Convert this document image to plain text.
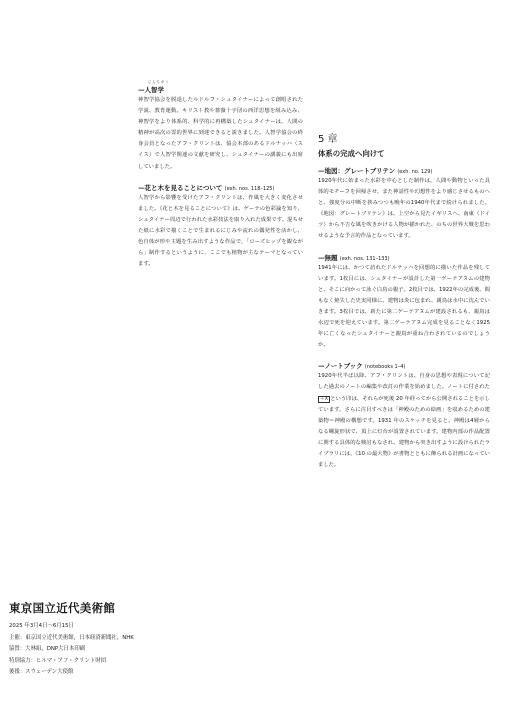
じんちがく
—人智学

神智学協会を脱退したルドルフ・シュタイナーによって創唱された学説、教育運動。キリスト教や薔薇十字団の西洋思想を組み込み、神智学をより体系的、科学的に再構築したシュタイナーは、人間の精神が高次の霊的世界に到達できると説きました。人智学協会の終身会員となったアフ・クリントは、協会本部のあるドルナッハ（スイス）で人智学関連の文献を研究し、シュタイナーの講義にも出席していました。

—花と木を見ることについて (exh. nos. 118–125)

人智学から影響を受けたアフ・クリントは、作風を大きく変化させました。《花と木を見ることについて》は、ゲーテの色彩論を知り、シュタイナー周辺で行われた水彩技法を取り入れた成果です。混ちせた紙に水彩で描くことで生まれるにじみや流れの偶発性を活かし、色自体が形や主題を生み出すような作品で、「ローズヒップを観ながら」制作するというように、ここでも植物が主なテーマとなっています。

5 章
体系の完成へ向けて
—地図：グレートブリテン (exh. no. 129)

1920年代に始まった水彩を中心とした制作は、人間や動物といった具体的モチーフを回帰させ、また神話性や幻想性をより感じさせるものへと、強度分の中断を挟みつつも晩年の1940年代まで続けられました。《地図：グレートブリテン》は、上空から見たイギリスへ、南東（ドイツ）から不吉な風を吹きかける人物が描かれた、のちの世界大戦を思わせるような予言的作品となっています。

—無題 (exh. nos. 131–133)

1941年には、かつて訪れたドルナッハを回想的に描いた作品を残しています。1枚目には、シュタイナーが設計した第一ゲーテアヌムの建物と、そこに向かって泳ぐ白鳥の親子。2枚目では、1922年の完成後、間もなく焼失した史実同様に、建物は炎に包まれ、親鳥は水中に沈んでいきます。3枚目では、新たに第二ゲーテアヌムが建設されるも、親鳥は水辺で死を迎えています。第二ゲーテアヌム完成を見ることなく1925年に亡くなったシュタイナーと親鳥が重ね合わされているのでしょうか。

—ノートブック (notebooks 1–4)

1920年代半ば以降、アフ・クリントは、自身の思想や表現について記した過去のノートの編集や改訂の作業を始めました。ノートに付された＋X という印は、それらが死後 20 年経ってから公開されることを示しています。さらに注目すべきは「神殿のための絵画」を収めるための建築物＝神殿の構想です。1931 年のスケッチを見ると、神殿は4層からなる螺旋形状で、頂上に灯台が設置されています。建物内部の作品配置に関する具体的な検討もなされ、建物から突き出すように設けられたライブラリには、《10 の最大物》が書物とともに飾られる計画になっていました。

東京国立近代美術館
2025 年3月4日～6月15日
主催：東京国立近代美術館，日本経済新聞社，NHK
協賛：大林組，DNP大日本印刷
特別協力：ヒルマ・アフ・クリント財団
後援：スウェーデン大使館
